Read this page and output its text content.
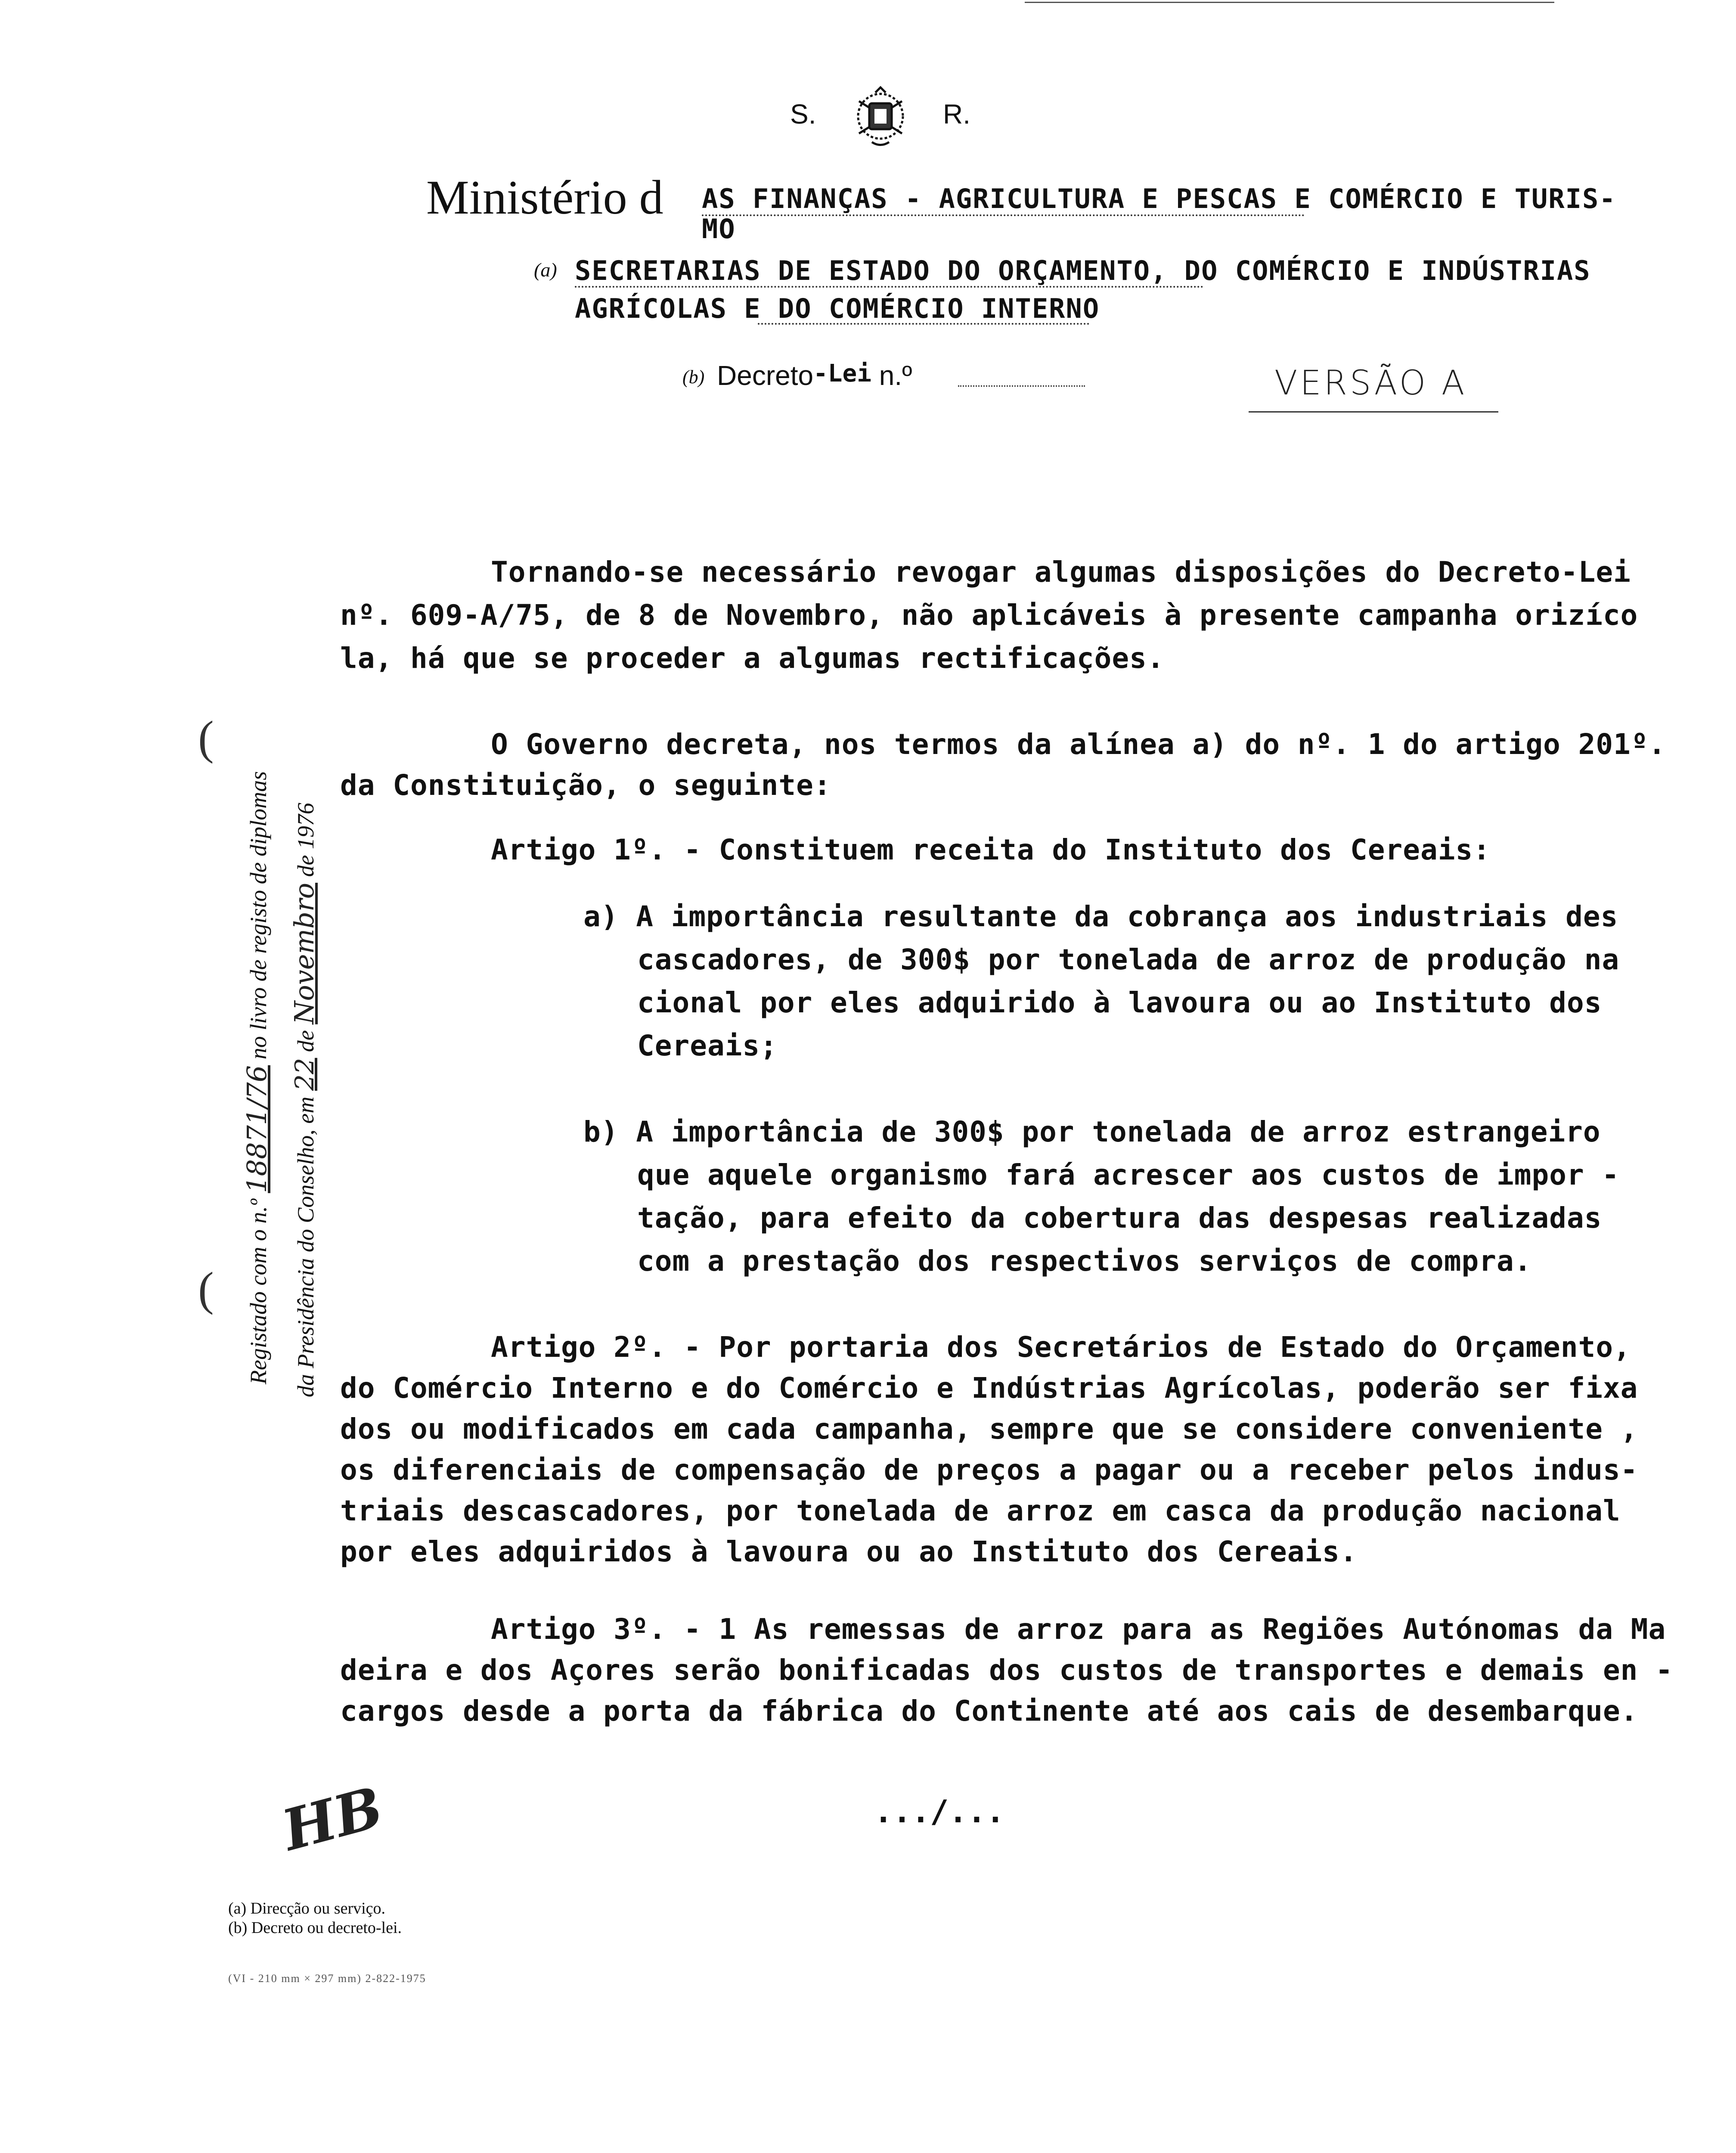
S.	R.
Ministério d AS FINANÇAS - AGRICULTURA E PESCAS E COMÉRCIO E TURIS-
MO
(a) SECRETARIAS DE ESTADO DO ORÇAMENTO, DO COMÉRCIO E INDÚSTRIAS
AGRÍCOLAS E DO COMÉRCIO INTERNO
(b) Decreto-Lei n.º	VERSÃO A
Registado com o n.º 18871/76 no livro de registo de diplomas
da Presidência do Conselho, em 22 de Novembro de 1976
(
(
Tornando-se necessário revogar algumas disposições do Decreto-Lei
nº. 609-A/75, de 8 de Novembro, não aplicáveis à presente campanha orizíco
la, há que se proceder a algumas rectificações.
O Governo decreta, nos termos da alínea a) do nº. 1 do artigo 201º.
da Constituição, o seguinte:
Artigo 1º. - Constituem receita do Instituto dos Cereais:
a) A importância resultante da cobrança aos industriais des
cascadores, de 300$ por tonelada de arroz de produção na
cional por eles adquirido à lavoura ou ao Instituto dos
Cereais;
b) A importância de 300$ por tonelada de arroz estrangeiro
que aquele organismo fará acrescer aos custos de impor -
tação, para efeito da cobertura das despesas realizadas
com a prestação dos respectivos serviços de compra.
Artigo 2º. - Por portaria dos Secretários de Estado do Orçamento,
do Comércio Interno e do Comércio e Indústrias Agrícolas, poderão ser fixa
dos ou modificados em cada campanha, sempre que se considere conveniente ,
os diferenciais de compensação de preços a pagar ou a receber pelos indus-
triais descascadores, por tonelada de arroz em casca da produção nacional
por eles adquiridos à lavoura ou ao Instituto dos Cereais.
Artigo 3º. - 1 As remessas de arroz para as Regiões Autónomas da Ma
deira e dos Açores serão bonificadas dos custos de transportes e demais en -
cargos desde a porta da fábrica do Continente até aos cais de desembarque.
.../...
HB
(a) Direcção ou serviço.
(b) Decreto ou decreto-lei.
(VI - 210 mm × 297 mm) 2-822-1975
